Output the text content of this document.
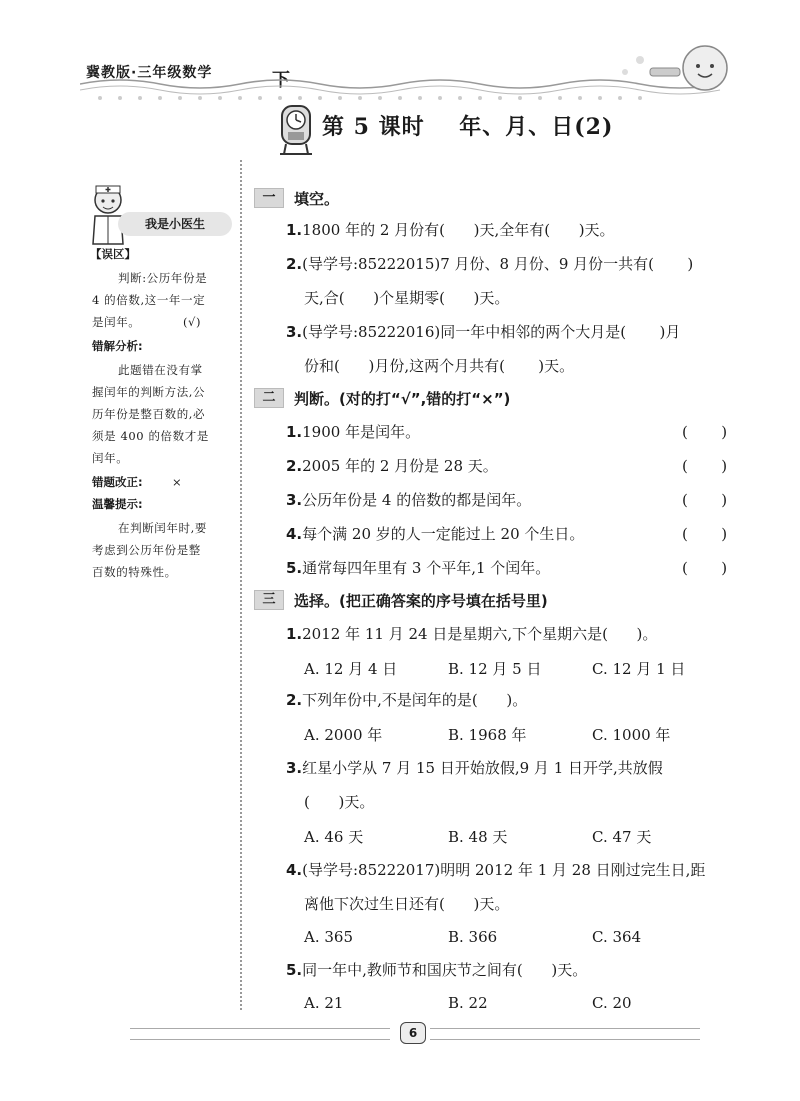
冀教版·三年级数学	下
第 5 课时    年、月、日(2)
我是小医生
【误区】
判断:公历年份是
4 的倍数,这一年一定
是闰年。          (√)
错解分析:
此题错在没有掌
握闰年的判断方法,公
历年份是整百数的,必
须是 400 的倍数才是
闰年。
错题改正:	×
温馨提示:
在判断闰年时,要
考虑到公历年份是整
百数的特殊性。
一	填空。
1.1800 年的 2 月份有(      )天,全年有(      )天。
2.(导学号:85222015)7 月份、8 月份、9 月份一共有(       )
天,合(      )个星期零(      )天。
3.(导学号:85222016)同一年中相邻的两个大月是(       )月
份和(      )月份,这两个月共有(       )天。
二	判断。(对的打“√”,错的打“×”)
1.1900 年是闰年。	(       )
2.2005 年的 2 月份是 28 天。	(       )
3.公历年份是 4 的倍数的都是闰年。	(       )
4.每个满 20 岁的人一定能过上 20 个生日。	(       )
5.通常每四年里有 3 个平年,1 个闰年。	(       )
三	选择。(把正确答案的序号填在括号里)
1.2012 年 11 月 24 日是星期六,下个星期六是(      )。
A. 12 月 4 日	B. 12 月 5 日	C. 12 月 1 日
2.下列年份中,不是闰年的是(      )。
A. 2000 年	B. 1968 年	C. 1000 年
3.红星小学从 7 月 15 日开始放假,9 月 1 日开学,共放假
(      )天。
A. 46 天	B. 48 天	C. 47 天
4.(导学号:85222017)明明 2012 年 1 月 28 日刚过完生日,距
离他下次过生日还有(      )天。
A. 365	B. 366	C. 364
5.同一年中,教师节和国庆节之间有(      )天。
A. 21	B. 22	C. 20
6
